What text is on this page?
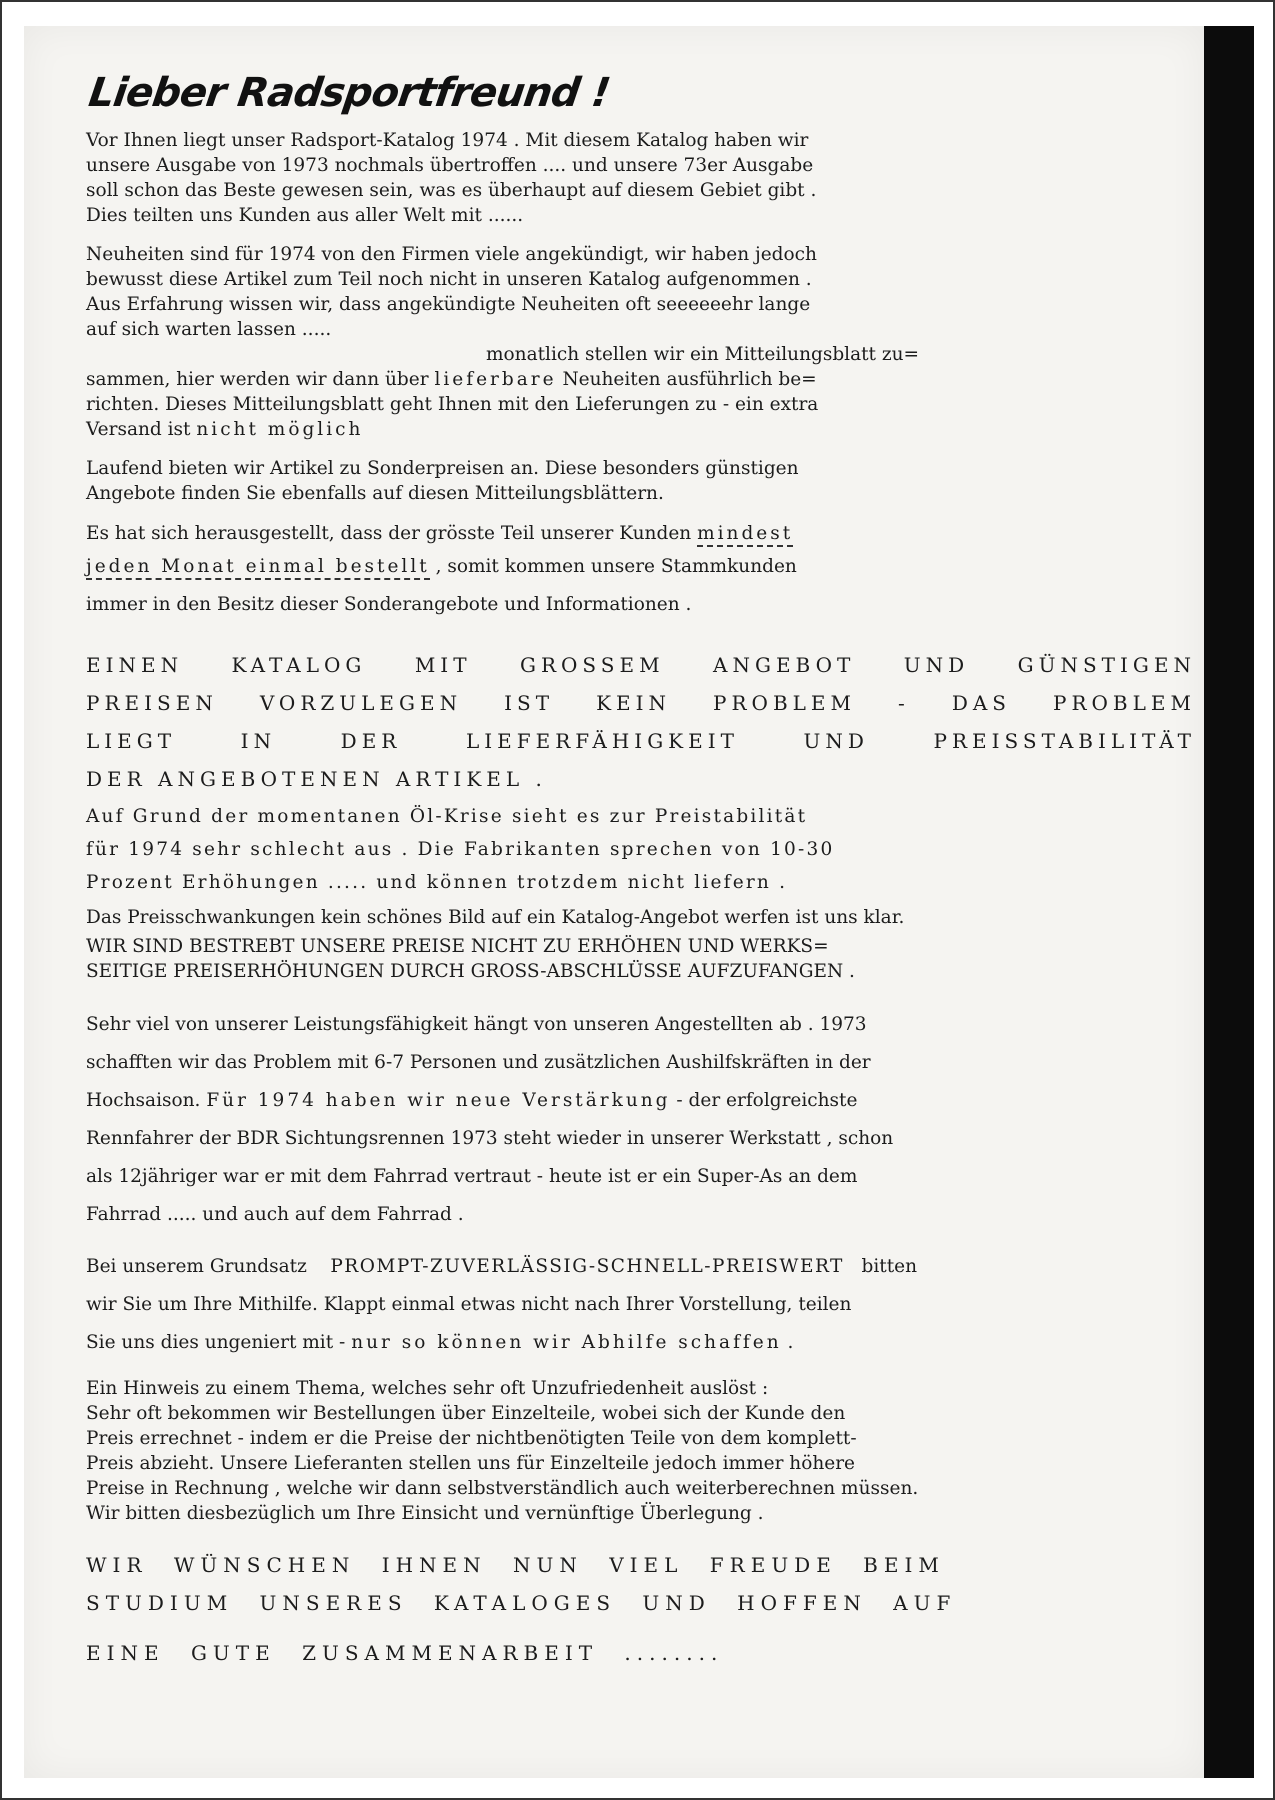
Lieber Radsportfreund !
Vor Ihnen liegt unser Radsport-Katalog 1974 . Mit diesem Katalog haben wir
unsere Ausgabe von 1973 nochmals übertroffen .... und unsere 73er Ausgabe
soll schon das Beste gewesen sein, was es überhaupt auf diesem Gebiet gibt .
Dies teilten uns Kunden aus aller Welt mit ......
Neuheiten sind für 1974 von den Firmen viele angekündigt, wir haben jedoch
bewusst diese Artikel zum Teil noch nicht in unseren Katalog aufgenommen .
Aus Erfahrung wissen wir, dass angekündigte Neuheiten oft seeeeeehr lange
auf sich warten lassen .....
monatlich stellen wir ein Mitteilungsblatt zu=
sammen, hier werden wir dann über lieferbare Neuheiten ausführlich be=
richten. Dieses Mitteilungsblatt geht Ihnen mit den Lieferungen zu - ein extra
Versand ist nicht möglich
Laufend bieten wir Artikel zu Sonderpreisen an. Diese besonders günstigen
Angebote finden Sie ebenfalls auf diesen Mitteilungsblättern.
Es hat sich herausgestellt, dass der grösste Teil unserer Kunden mindest
jeden Monat einmal bestellt , somit kommen unsere Stammkunden
immer in den Besitz dieser Sonderangebote und Informationen .
EINEN KATALOG MIT GROSSEM ANGEBOT UND GÜNSTIGEN
PREISEN VORZULEGEN IST KEIN PROBLEM - DAS PROBLEM
LIEGT IN DER LIEFERFÄHIGKEIT UND PREISSTABILITÄT
DER ANGEBOTENEN ARTIKEL .
Auf Grund der momentanen Öl-Krise sieht es zur Preistabilität
für 1974 sehr schlecht aus . Die Fabrikanten sprechen von 10-30
Prozent Erhöhungen ..... und können trotzdem nicht liefern .
Das Preisschwankungen kein schönes Bild auf ein Katalog-Angebot werfen ist uns klar.
WIR SIND BESTREBT UNSERE PREISE NICHT ZU ERHÖHEN UND WERKS=
SEITIGE PREISERHÖHUNGEN DURCH GROSS-ABSCHLÜSSE AUFZUFANGEN .
Sehr viel von unserer Leistungsfähigkeit hängt von unseren Angestellten ab . 1973
schafften wir das Problem mit 6-7 Personen und zusätzlichen Aushilfskräften in der
Hochsaison. Für 1974 haben wir neue Verstärkung - der erfolgreichste
Rennfahrer der BDR Sichtungsrennen 1973 steht wieder in unserer Werkstatt , schon
als 12jähriger war er mit dem Fahrrad vertraut - heute ist er ein Super-As an dem
Fahrrad ..... und auch auf dem Fahrrad .
Bei unserem Grundsatz PROMPT-ZUVERLÄSSIG-SCHNELL-PREISWERT bitten
wir Sie um Ihre Mithilfe. Klappt einmal etwas nicht nach Ihrer Vorstellung, teilen
Sie uns dies ungeniert mit - nur so können wir Abhilfe schaffen .
Ein Hinweis zu einem Thema, welches sehr oft Unzufriedenheit auslöst :
Sehr oft bekommen wir Bestellungen über Einzelteile, wobei sich der Kunde den
Preis errechnet - indem er die Preise der nichtbenötigten Teile von dem komplett-
Preis abzieht. Unsere Lieferanten stellen uns für Einzelteile jedoch immer höhere
Preise in Rechnung , welche wir dann selbstverständlich auch weiterberechnen müssen.
Wir bitten diesbezüglich um Ihre Einsicht und vernünftige Überlegung .
WIR WÜNSCHEN IHNEN NUN VIEL FREUDE BEIM
STUDIUM UNSERES KATALOGES UND HOFFEN AUF
EINE GUTE ZUSAMMENARBEIT ........
